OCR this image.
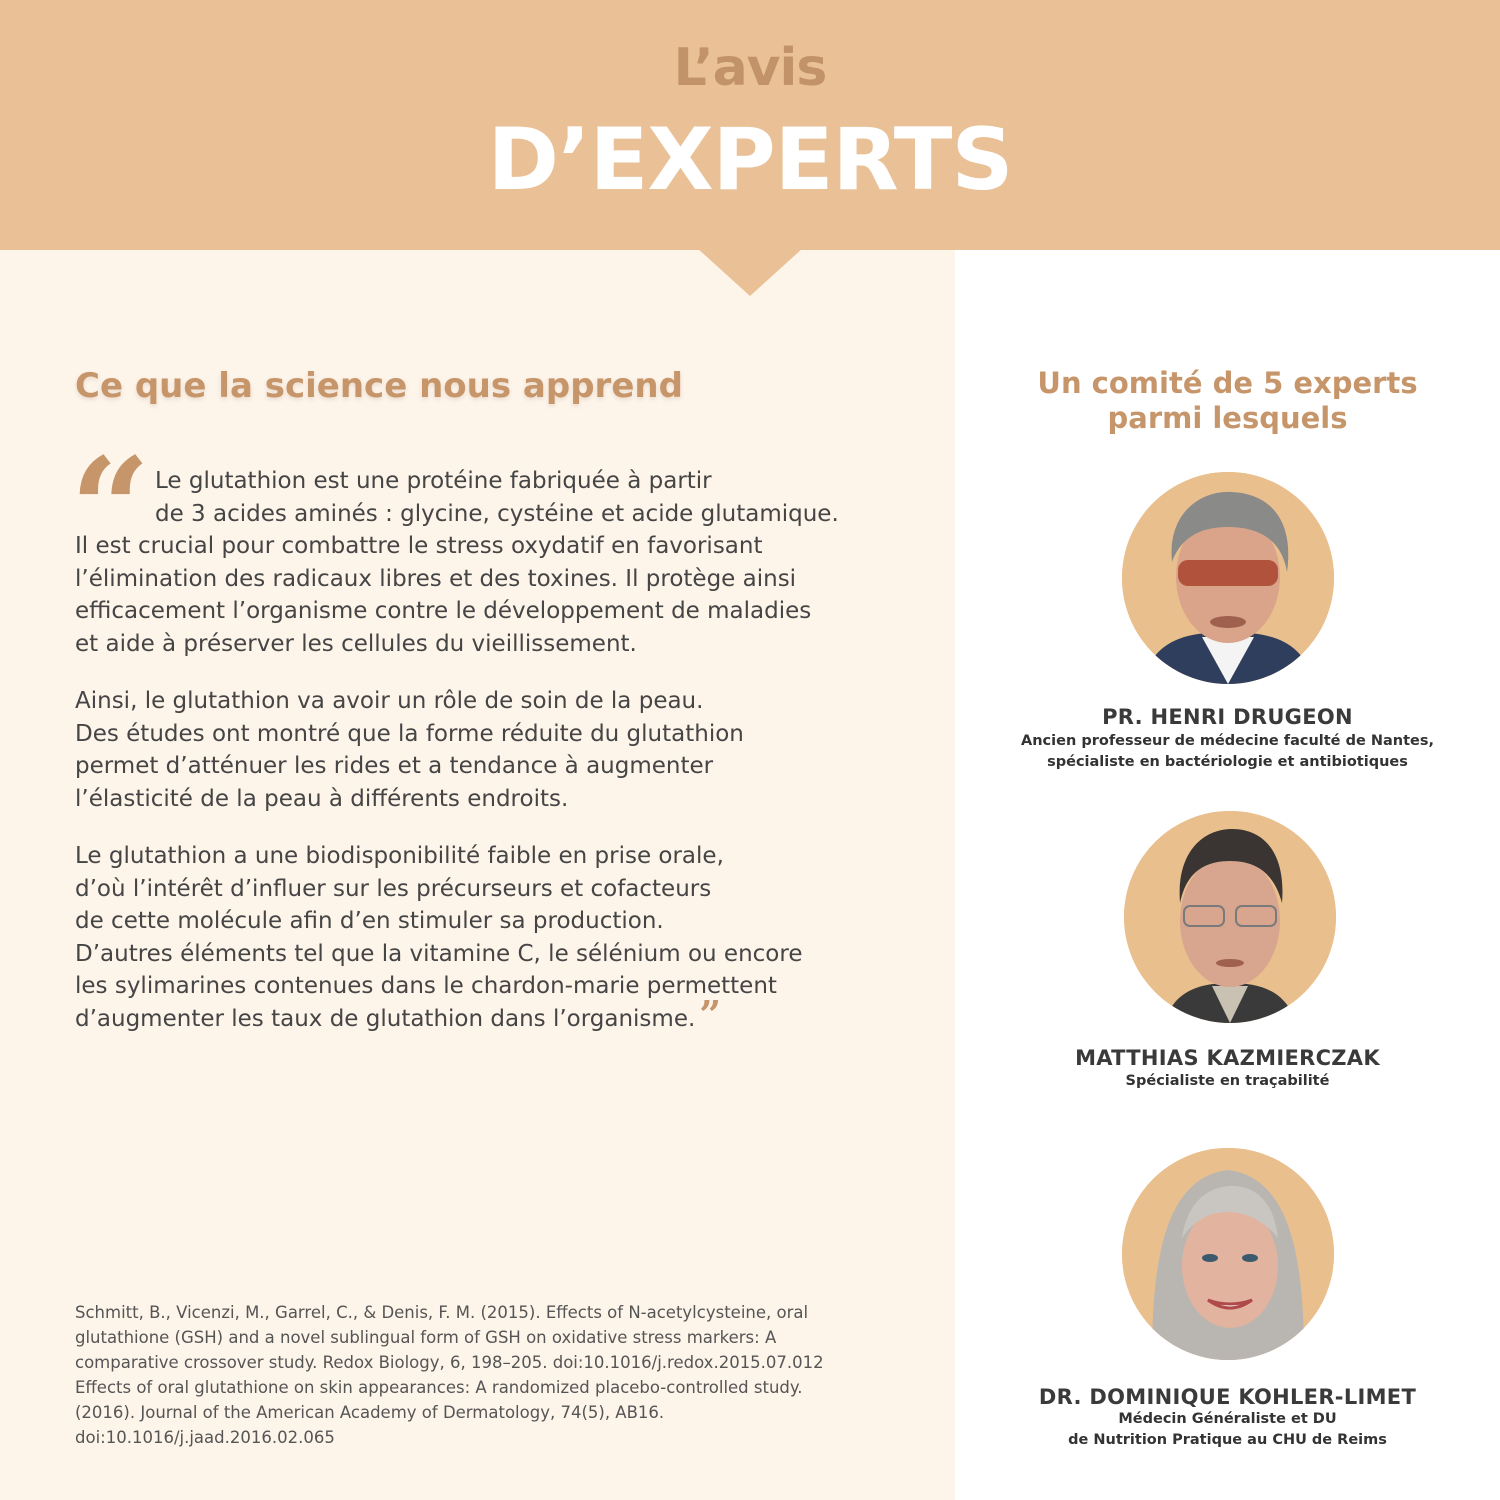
L’avis
D’EXPERTS
Ce que la science nous apprend
“ Le glutathion est une protéine fabriquée à partir
de 3 acides aminés : glycine, cystéine et acide glutamique.
Il est crucial pour combattre le stress oxydatif en favorisant
l’élimination des radicaux libres et des toxines. Il protège ainsi
efficacement l’organisme contre le développement de maladies
et aide à préserver les cellules du vieillissement.
Ainsi, le glutathion va avoir un rôle de soin de la peau.
Des études ont montré que la forme réduite du glutathion
permet d’atténuer les rides et a tendance à augmenter
l’élasticité de la peau à différents endroits.
Le glutathion a une biodisponibilité faible en prise orale,
d’où l’intérêt d’influer sur les précurseurs et cofacteurs
de cette molécule afin d’en stimuler sa production.
D’autres éléments tel que la vitamine C, le sélénium ou encore
les sylimarines contenues dans le chardon-marie permettent
d’augmenter les taux de glutathion dans l’organisme. ”
Schmitt, B., Vicenzi, M., Garrel, C., & Denis, F. M. (2015). Effects of N-acetylcysteine, oral
glutathione (GSH) and a novel sublingual form of GSH on oxidative stress markers: A
comparative crossover study. Redox Biology, 6, 198–205. doi:10.1016/j.redox.2015.07.012
Effects of oral glutathione on skin appearances: A randomized placebo-controlled study.
(2016). Journal of the American Academy of Dermatology, 74(5), AB16.
doi:10.1016/j.jaad.2016.02.065
Un comité de 5 experts
parmi lesquels
PR. HENRI DRUGEON
Ancien professeur de médecine faculté de Nantes,
spécialiste en bactériologie et antibiotiques
MATTHIAS KAZMIERCZAK
Spécialiste en traçabilité
DR. DOMINIQUE KOHLER-LIMET
Médecin Généraliste et DU
de Nutrition Pratique au CHU de Reims
